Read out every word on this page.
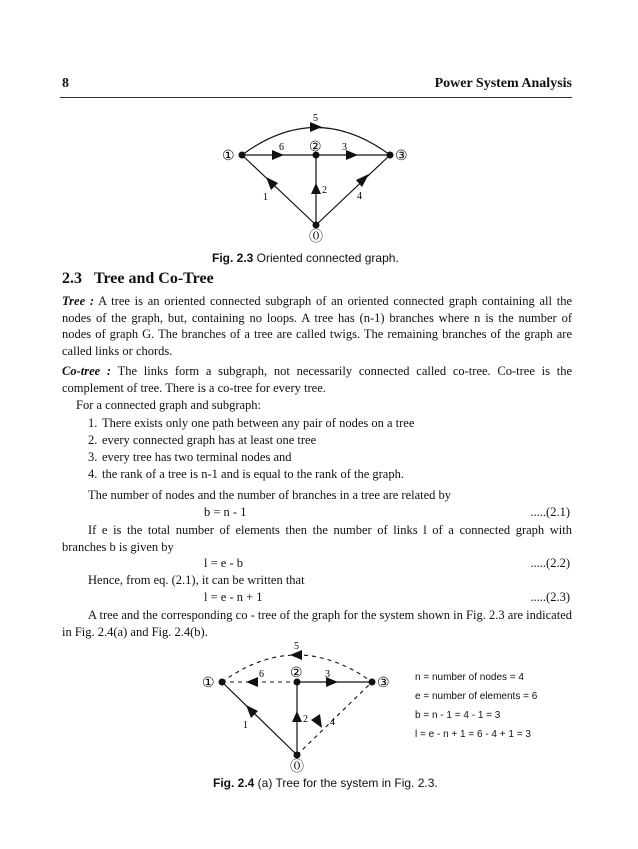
8	Power System Analysis
①
②
③
⓪
5
6	3
2
1	4
Fig. 2.3 Oriented connected graph.
2.3 Tree and Co-Tree
Tree : A tree is an oriented connected subgraph of an oriented connected graph containing all the nodes of the graph, but, containing no loops. A tree has (n-1) branches where n is the number of nodes of graph G. The branches of a tree are called twigs. The remaining branches of the graph are called links or chords.
Co-tree : The links form a subgraph, not necessarily connected called co-tree. Co-tree is the complement of tree. There is a co-tree for every tree.
For a connected graph and subgraph:
1. There exists only one path between any pair of nodes on a tree
2. every connected graph has at least one tree
3. every tree has two terminal nodes and
4. the rank of a tree is n-1 and is equal to the rank of the graph.
The number of nodes and the number of branches in a tree are related by
b = n - 1	.....(2.1)
If e is the total number of elements then the number of links l of a connected graph with branches b is given by
l = e - b	.....(2.2)
Hence, from eq. (2.1), it can be written that
l = e - n + 1	.....(2.3)
A tree and the corresponding co - tree of the graph for the system shown in Fig. 2.3 are indicated in Fig. 2.4(a) and Fig. 2.4(b).
①
②
③
⓪
5
6	3
2
1	4
n = number of nodes = 4
e = number of elements = 6
b = n - 1 = 4 - 1 = 3
l = e - n + 1 = 6 - 4 + 1 = 3
Fig. 2.4 (a) Tree for the system in Fig. 2.3.
